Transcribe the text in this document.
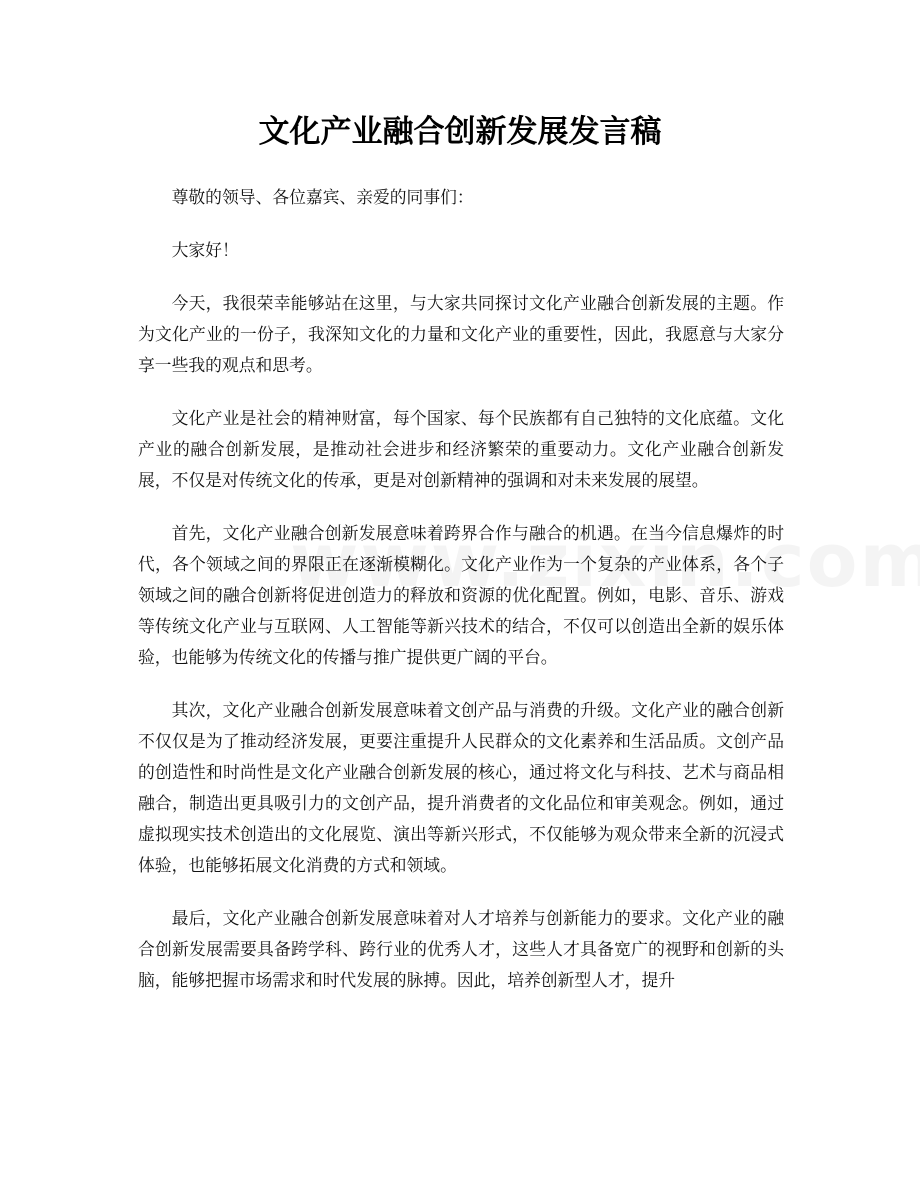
文化产业融合创新发展发言稿

尊敬的领导、各位嘉宾、亲爱的同事们：

大家好！

今天，我很荣幸能够站在这里，与大家共同探讨文化产业融合创新发展的主题。作为文化产业的一份子，我深知文化的力量和文化产业的重要性，因此，我愿意与大家分享一些我的观点和思考。

文化产业是社会的精神财富，每个国家、每个民族都有自己独特的文化底蕴。文化产业的融合创新发展，是推动社会进步和经济繁荣的重要动力。文化产业融合创新发展，不仅是对传统文化的传承，更是对创新精神的强调和对未来发展的展望。

首先，文化产业融合创新发展意味着跨界合作与融合的机遇。在当今信息爆炸的时代，各个领域之间的界限正在逐渐模糊化。文化产业作为一个复杂的产业体系，各个子领域之间的融合创新将促进创造力的释放和资源的优化配置。例如，电影、音乐、游戏等传统文化产业与互联网、人工智能等新兴技术的结合，不仅可以创造出全新的娱乐体验，也能够为传统文化的传播与推广提供更广阔的平台。

其次，文化产业融合创新发展意味着文创产品与消费的升级。文化产业的融合创新不仅仅是为了推动经济发展，更要注重提升人民群众的文化素养和生活品质。文创产品的创造性和时尚性是文化产业融合创新发展的核心，通过将文化与科技、艺术与商品相融合，制造出更具吸引力的文创产品，提升消费者的文化品位和审美观念。例如，通过虚拟现实技术创造出的文化展览、演出等新兴形式，不仅能够为观众带来全新的沉浸式体验，也能够拓展文化消费的方式和领域。

最后，文化产业融合创新发展意味着对人才培养与创新能力的要求。文化产业的融合创新发展需要具备跨学科、跨行业的优秀人才，这些人才具备宽广的视野和创新的头脑，能够把握市场需求和时代发展的脉搏。因此，培养创新型人才，提升
